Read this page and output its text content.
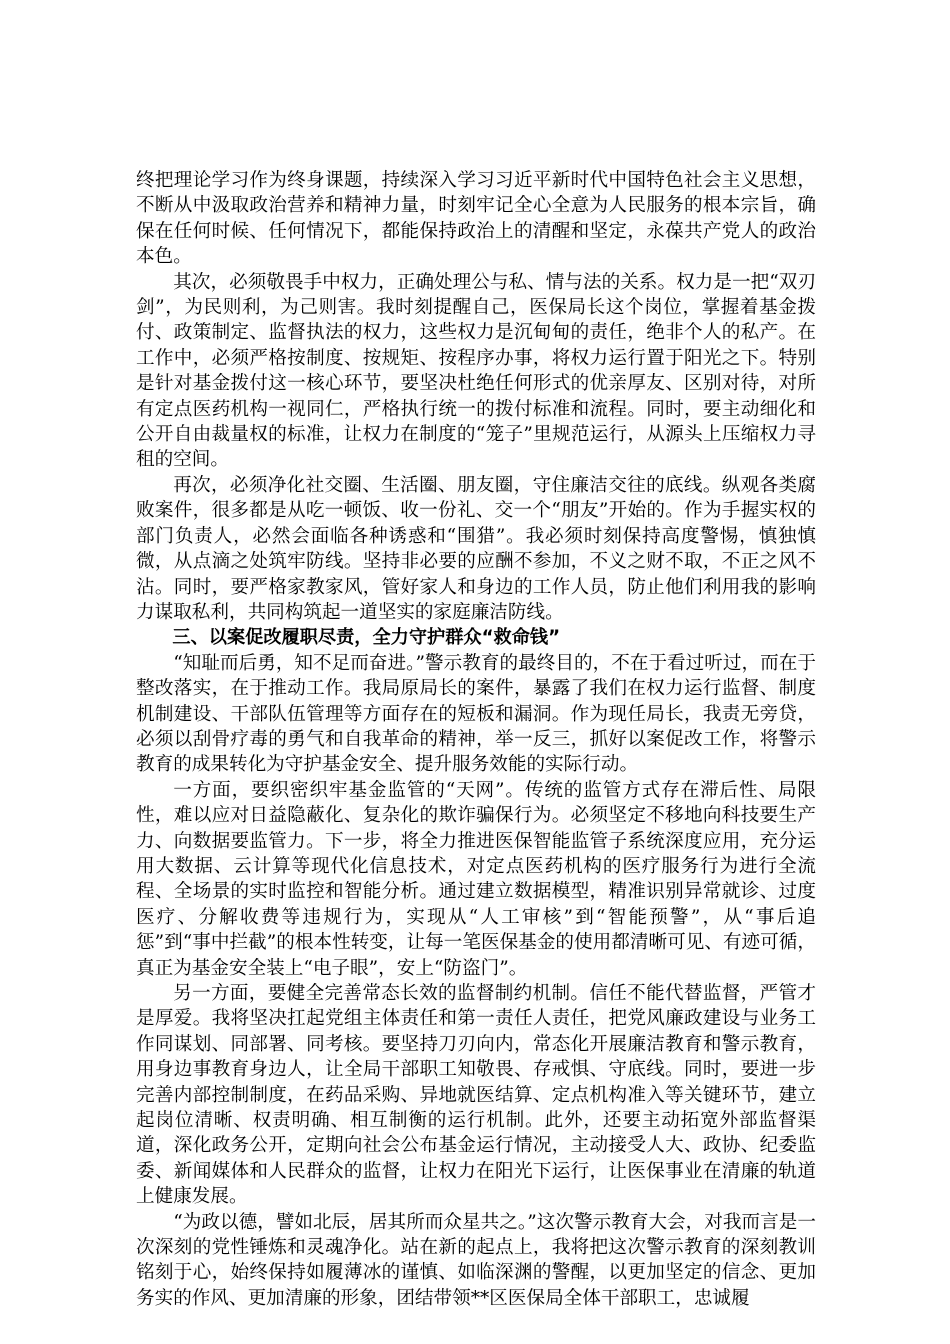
终把理论学习作为终身课题，持续深入学习习近平新时代中国特色社会主义思想，不断从中汲取政治营养和精神力量，时刻牢记全心全意为人民服务的根本宗旨，确保在任何时候、任何情况下，都能保持政治上的清醒和坚定，永葆共产党人的政治本色。

其次，必须敬畏手中权力，正确处理公与私、情与法的关系。权力是一把“双刃剑”，为民则利，为己则害。我时刻提醒自己，医保局长这个岗位，掌握着基金拨付、政策制定、监督执法的权力，这些权力是沉甸甸的责任，绝非个人的私产。在工作中，必须严格按制度、按规矩、按程序办事，将权力运行置于阳光之下。特别是针对基金拨付这一核心环节，要坚决杜绝任何形式的优亲厚友、区别对待，对所有定点医药机构一视同仁，严格执行统一的拨付标准和流程。同时，要主动细化和公开自由裁量权的标准，让权力在制度的“笼子”里规范运行，从源头上压缩权力寻租的空间。

再次，必须净化社交圈、生活圈、朋友圈，守住廉洁交往的底线。纵观各类腐败案件，很多都是从吃一顿饭、收一份礼、交一个“朋友”开始的。作为手握实权的部门负责人，必然会面临各种诱惑和“围猎”。我必须时刻保持高度警惕，慎独慎微，从点滴之处筑牢防线。坚持非必要的应酬不参加，不义之财不取，不正之风不沾。同时，要严格家教家风，管好家人和身边的工作人员，防止他们利用我的影响力谋取私利，共同构筑起一道坚实的家庭廉洁防线。

三、以案促改履职尽责，全力守护群众“救命钱”

“知耻而后勇，知不足而奋进。”警示教育的最终目的，不在于看过听过，而在于整改落实，在于推动工作。我局原局长的案件，暴露了我们在权力运行监督、制度机制建设、干部队伍管理等方面存在的短板和漏洞。作为现任局长，我责无旁贷，必须以刮骨疗毒的勇气和自我革命的精神，举一反三，抓好以案促改工作，将警示教育的成果转化为守护基金安全、提升服务效能的实际行动。

一方面，要织密织牢基金监管的“天网”。传统的监管方式存在滞后性、局限性，难以应对日益隐蔽化、复杂化的欺诈骗保行为。必须坚定不移地向科技要生产力、向数据要监管力。下一步，将全力推进医保智能监管子系统深度应用，充分运用大数据、云计算等现代化信息技术，对定点医药机构的医疗服务行为进行全流程、全场景的实时监控和智能分析。通过建立数据模型，精准识别异常就诊、过度医疗、分解收费等违规行为，实现从“人工审核”到“智能预警”，从“事后追惩”到“事中拦截”的根本性转变，让每一笔医保基金的使用都清晰可见、有迹可循，真正为基金安全装上“电子眼”，安上“防盗门”。

另一方面，要健全完善常态长效的监督制约机制。信任不能代替监督，严管才是厚爱。我将坚决扛起党组主体责任和第一责任人责任，把党风廉政建设与业务工作同谋划、同部署、同考核。要坚持刀刃向内，常态化开展廉洁教育和警示教育，用身边事教育身边人，让全局干部职工知敬畏、存戒惧、守底线。同时，要进一步完善内部控制制度，在药品采购、异地就医结算、定点机构准入等关键环节，建立起岗位清晰、权责明确、相互制衡的运行机制。此外，还要主动拓宽外部监督渠道，深化政务公开，定期向社会公布基金运行情况，主动接受人大、政协、纪委监委、新闻媒体和人民群众的监督，让权力在阳光下运行，让医保事业在清廉的轨道上健康发展。

“为政以德，譬如北辰，居其所而众星共之。”这次警示教育大会，对我而言是一次深刻的党性锤炼和灵魂净化。站在新的起点上，我将把这次警示教育的深刻教训铭刻于心，始终保持如履薄冰的谨慎、如临深渊的警醒，以更加坚定的信念、更加务实的作风、更加清廉的形象，团结带领**区医保局全体干部职工，忠诚履
